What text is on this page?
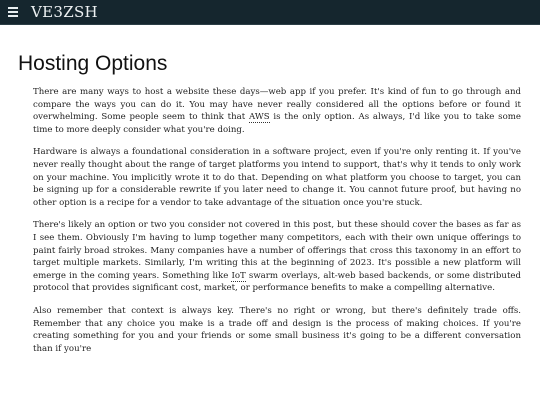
VE3ZSH
Hosting Options

There are many ways to host a website these days—web app if you prefer. It's kind of fun to go through and compare the ways you can do it. You may have never really considered all the options before or found it overwhelming. Some people seem to think that AWS is the only option. As always, I'd like you to take some time to more deeply consider what you're doing.

Hardware is always a foundational consideration in a software project, even if you're only renting it. If you've never really thought about the range of target platforms you intend to support, that's why it tends to only work on your machine. You implicitly wrote it to do that. Depending on what platform you choose to target, you can be signing up for a considerable rewrite if you later need to change it. You cannot future proof, but having no other option is a recipe for a vendor to take advantage of the situation once you're stuck.

There's likely an option or two you consider not covered in this post, but these should cover the bases as far as I see them. Obviously I'm having to lump together many competitors, each with their own unique offerings to paint fairly broad strokes. Many companies have a number of offerings that cross this taxonomy in an effort to target multiple markets. Similarly, I'm writing this at the beginning of 2023. It's possible a new platform will emerge in the coming years. Something like IoT swarm overlays, alt-web based backends, or some distributed protocol that provides significant cost, market, or performance benefits to make a compelling alternative.

Also remember that context is always key. There's no right or wrong, but there's definitely trade offs. Remember that any choice you make is a trade off and design is the process of making choices. If you're creating something for you and your friends or some small business it's going to be a different conversation than if you're
